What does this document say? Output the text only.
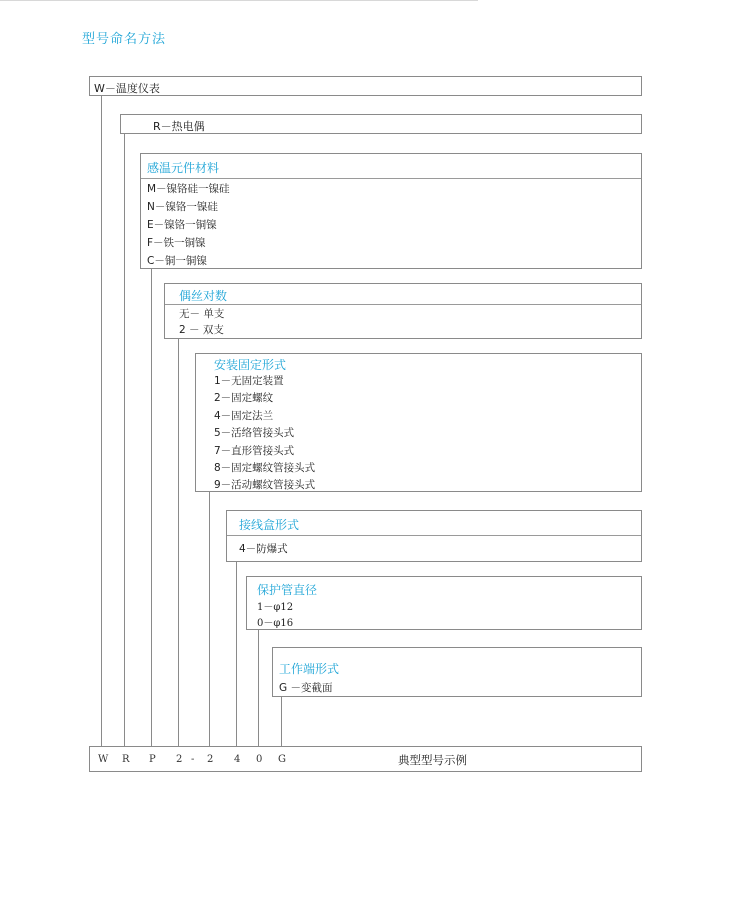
型号命名方法
W－温度仪表
R－热电偶
感温元件材料
M－镍铬硅一镍硅
N－镍铬一镍硅
E－镍铬一铜镍
F－铁一铜镍
C－铜一铜镍
偶丝对数
无－ 单支
2 － 双支
安装固定形式
1－无固定装置
2－固定螺纹
4－固定法兰
5－活络管接头式
7－直形管接头式
8－固定螺纹管接头式
9－活动螺纹管接头式
接线盒形式
4－防爆式
保护管直径
1－φ12
0－φ16
工作端形式
G －变截面
W R P 2 - 2 4 0 G	典型型号示例
